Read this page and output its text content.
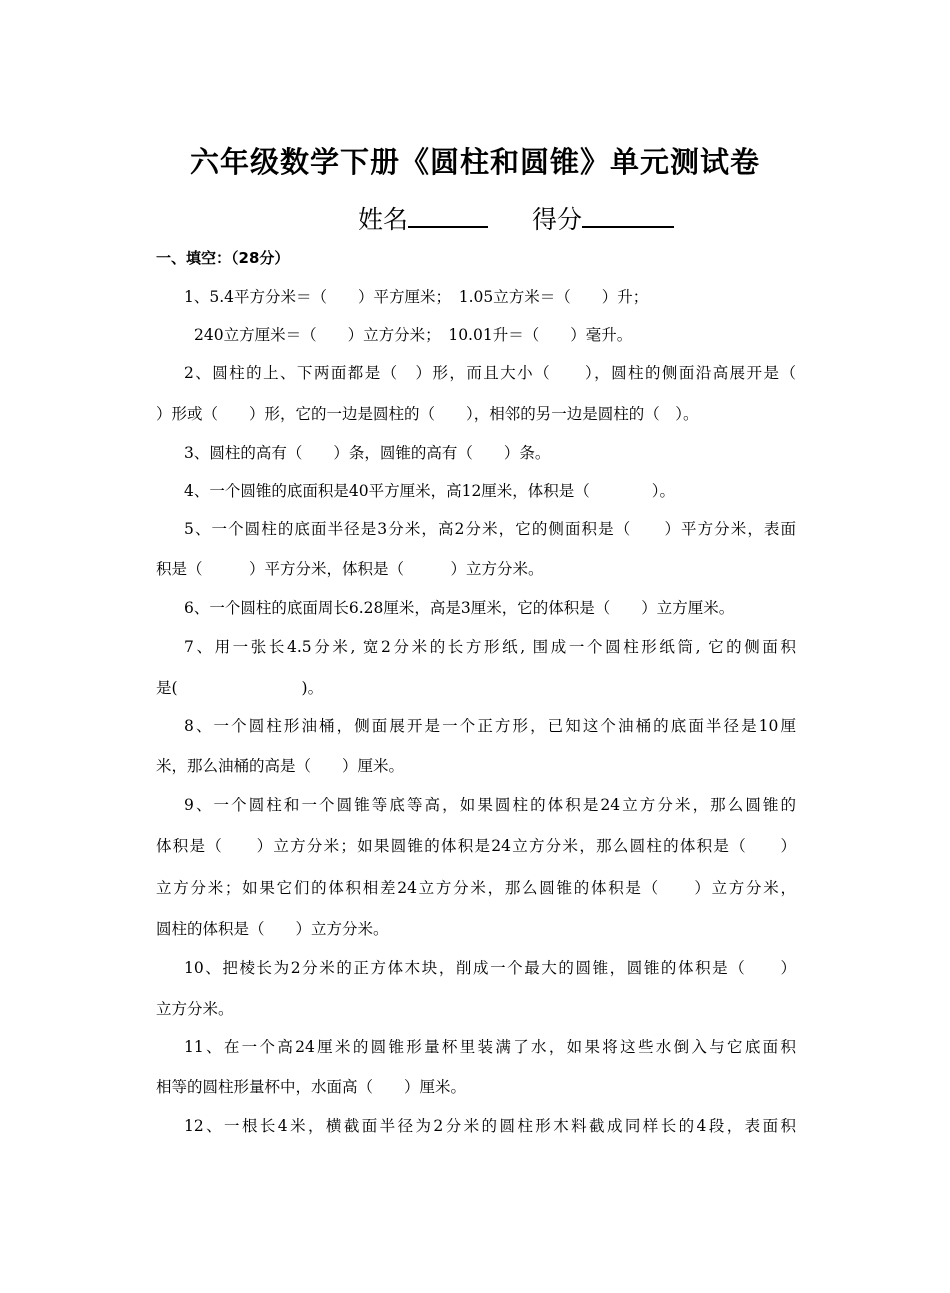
六年级数学下册《圆柱和圆锥》单元测试卷
姓名	得分
一、填空：（28分）
1、5.4平方分米＝（　　）平方厘米；　1.05立方米＝（　　）升；
240立方厘米＝（　　）立方分米；　10.01升＝（　　）毫升。
2、圆柱的上、下两面都是（　）形，而且大小（　　），圆柱的侧面沿高展开是（
）形或（　　）形，它的一边是圆柱的（　　），相邻的另一边是圆柱的（　）。
3、圆柱的高有（　　）条，圆锥的高有（　　）条。
4、一个圆锥的底面积是40平方厘米，高12厘米，体积是（　　　　）。
5、一个圆柱的底面半径是3分米，高2分米，它的侧面积是（　　）平方分米，表面
积是（　　　）平方分米，体积是（　　　）立方分米。
6、一个圆柱的底面周长6.28厘米，高是3厘米，它的体积是（　　）立方厘米。
7、用一张长4.5分米, 宽2分米的长方形纸, 围成一个圆柱形纸筒, 它的侧面积
是(　　　　　　　　)。
8、一个圆柱形油桶，侧面展开是一个正方形，已知这个油桶的底面半径是10厘
米，那么油桶的高是（　　）厘米。
9、一个圆柱和一个圆锥等底等高，如果圆柱的体积是24立方分米，那么圆锥的
体积是（　　）立方分米；如果圆锥的体积是24立方分米，那么圆柱的体积是（　　）
立方分米；如果它们的体积相差24立方分米，那么圆锥的体积是（　　）立方分米，
圆柱的体积是（　　）立方分米。
10、把棱长为2分米的正方体木块，削成一个最大的圆锥，圆锥的体积是（　　）
立方分米。
11、在一个高24厘米的圆锥形量杯里装满了水，如果将这些水倒入与它底面积
相等的圆柱形量杯中，水面高（　　）厘米。
12、一根长4米，横截面半径为2分米的圆柱形木料截成同样长的4段，表面积
